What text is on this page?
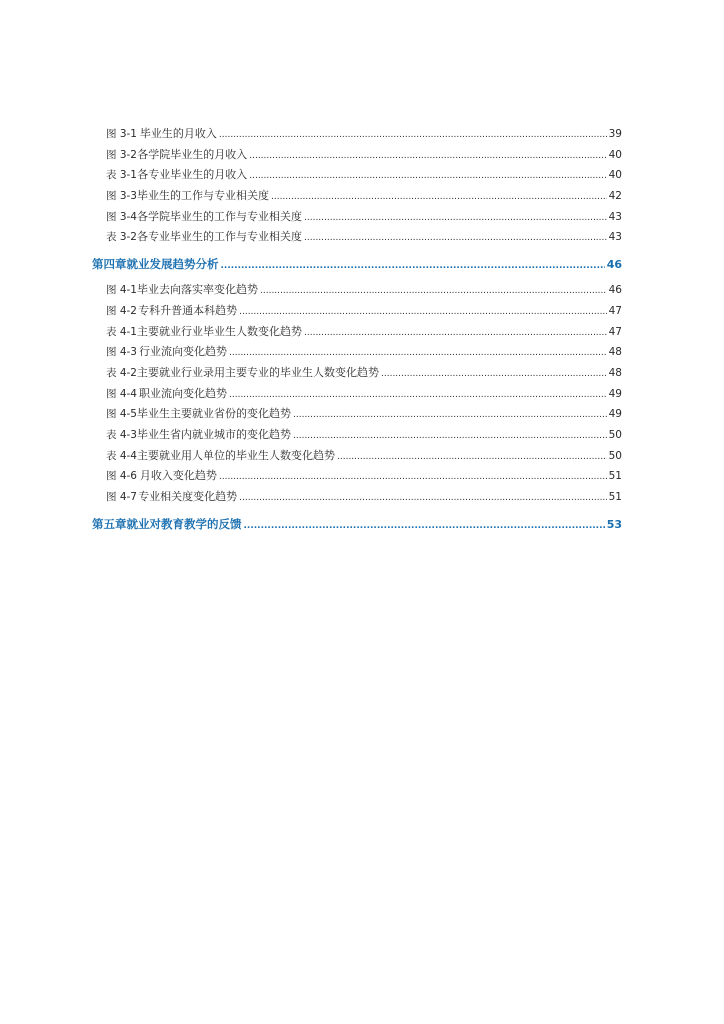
图 3-1 毕业生的月收入 .....	39
图 3-2 各学院毕业生的月收入 .....	40
表 3-1 各专业毕业生的月收入 .....	40
图 3-3 毕业生的工作与专业相关度 .....	42
图 3-4 各学院毕业生的工作与专业相关度 .....	43
表 3-2 各专业毕业生的工作与专业相关度 .....	43
第四章 就业发展趋势分析 .....	46
图 4-1 毕业去向落实率变化趋势 .....	46
图 4-2 专科升普通本科趋势 .....	47
表 4-1 主要就业行业毕业生人数变化趋势 .....	47
图 4-3 行业流向变化趋势 .....	48
表 4-2 主要就业行业录用主要专业的毕业生人数变化趋势 .....	48
图 4-4 职业流向变化趋势 .....	49
图 4-5 毕业生主要就业省份的变化趋势 .....	49
表 4-3 毕业生省内就业城市的变化趋势 .....	50
表 4-4 主要就业用人单位的毕业生人数变化趋势 .....	50
图 4-6 月收入变化趋势 .....	51
图 4-7 专业相关度变化趋势 .....	51
第五章 就业对教育教学的反馈 .....	53
